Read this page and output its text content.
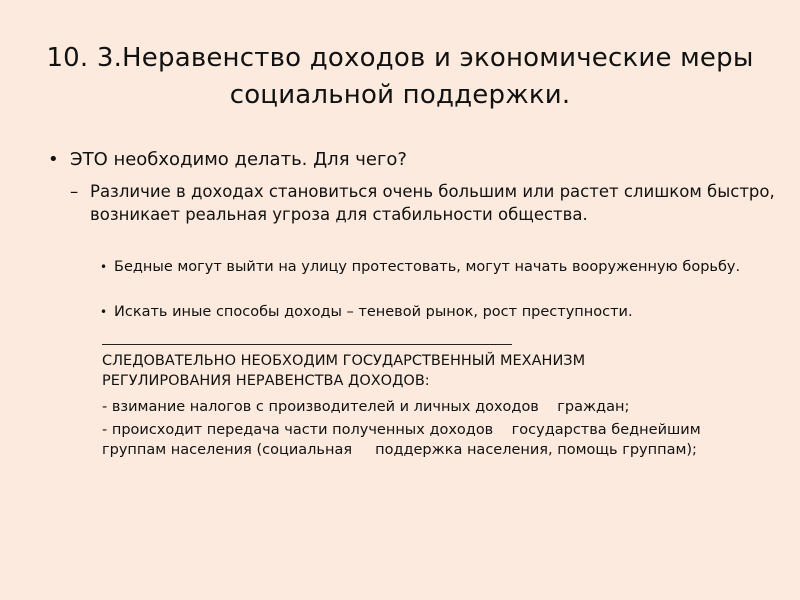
10. 3.Неравенство доходов и экономические меры социальной поддержки.
• ЭТО необходимо делать. Для чего?
– Различие в доходах становиться очень большим или растет слишком быстро, возникает реальная угроза для стабильности общества.
• Бедные могут выйти на улицу протестовать, могут начать вооруженную борьбу.
• Искать иные способы доходы – теневой рынок, рост преступности.
СЛЕДОВАТЕЛЬНО НЕОБХОДИМ ГОСУДАРСТВЕННЫЙ МЕХАНИЗМ РЕГУЛИРОВАНИЯ НЕРАВЕНСТВА ДОХОДОВ:
- взимание налогов с производителей и личных доходов    граждан;
- происходит передача части полученных доходов    государства беднейшим группам населения (социальная     поддержка населения, помощь группам);
